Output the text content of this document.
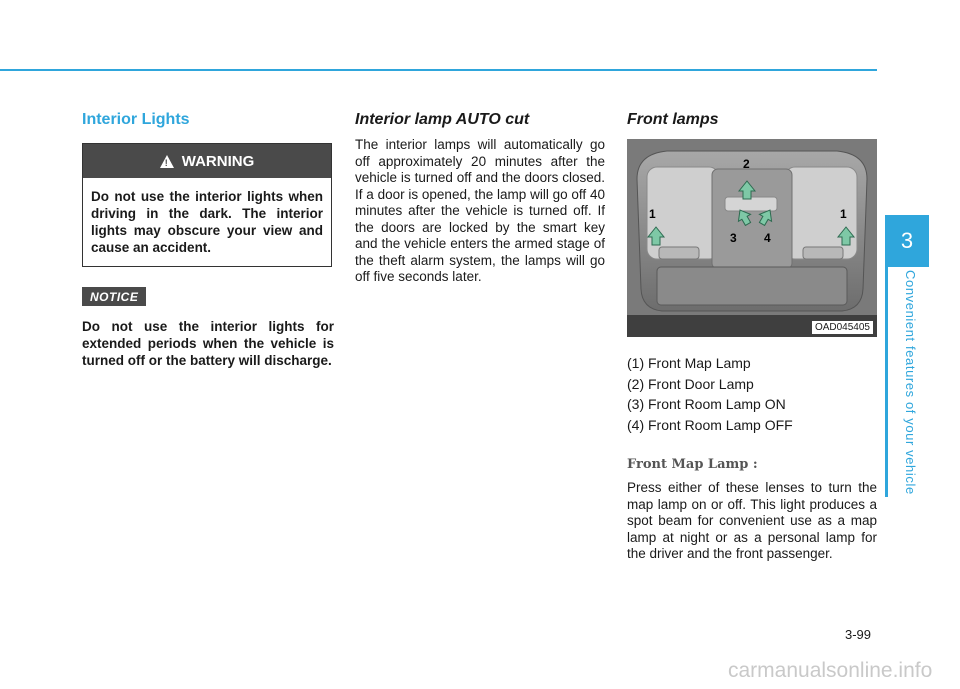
3
Convenient features of your vehicle
Interior Lights
! WARNING
Do not use the interior lights when driving in the dark. The interior lights may obscure your view and cause an accident.
NOTICE

Do not use the interior lights for extended periods when the vehicle is turned off or the battery will discharge.

Interior lamp AUTO cut

The interior lamps will automatically go off approximately 20 minutes after the vehicle is turned off and the doors closed. If a door is opened, the lamp will go off 40 minutes after the vehicle is turned off. If the doors are locked by the smart key and the vehicle enters the armed stage of the theft alarm system, the lamps will go off five seconds later.

Front lamps
2
1	1
3 4
OAD045405

(1) Front Map Lamp

(2) Front Door Lamp

(3) Front Room Lamp ON

(4) Front Room Lamp OFF

Front Map Lamp :

Press either of these lenses to turn the map lamp on or off. This light produces a spot beam for convenient use as a map lamp at night or as a personal lamp for the driver and the front passenger.

3-99
carmanualsonline.info
